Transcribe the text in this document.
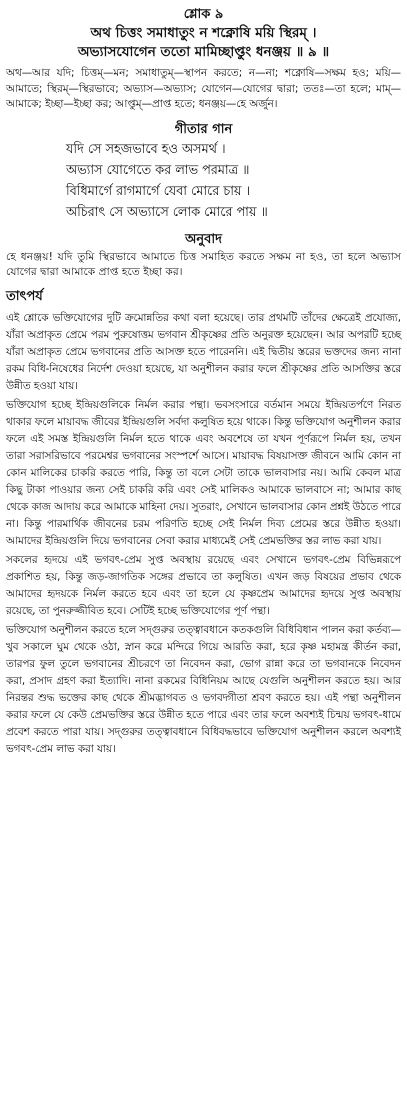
শ্লোক ৯

অথ চিত্তং সমাধাতুং ন শক্নোষি ময়ি স্থিরম্ ।

অভ্যাসযোগেন ততো মামিচ্ছাপ্তুং ধনঞ্জয় ॥ ৯ ॥

অথ—আর যদি; চিত্তম্—মন; সমাধাতুম্—স্থাপন করতে; ন—না; শক্নোষি—সক্ষম হও; ময়ি—আমাতে; স্থিরম্—স্থিরভাবে; অভ্যাস—অভ্যাস; যোগেন—যোগের দ্বারা; ততঃ—তা হলে; মাম্—আমাকে; ইচ্ছা—ইচ্ছা কর; আপ্তুম্—প্রাপ্ত হতে; ধনঞ্জয়—হে অর্জুন।

গীতার গান

যদি সে সহজভাবে হও অসমর্থ ।

অভ্যাস যোগেতে কর লাভ পরমাত্র ॥

বিধিমার্গে রাগমার্গে যেবা মোরে চায় ।

অচিরাৎ সে অভ্যাসে লোক মোরে পায় ॥

অনুবাদ

হে ধনঞ্জয়! যদি তুমি স্থিরভাবে আমাতে চিত্ত সমাহিত করতে সক্ষম না হও, তা হলে অভ্যাস যোগের দ্বারা আমাকে প্রাপ্ত হতে ইচ্ছা কর।

তাৎপর্য

এই শ্লোকে ভক্তিযোগের দুটি ক্রমোন্নতির কথা বলা হয়েছে। তার প্রথমটি তাঁদের ক্ষেত্রেই প্রযোজ্য, যাঁরা অপ্রাকৃত প্রেমে পরম পুরুষোত্তম ভগবান শ্রীকৃষ্ণের প্রতি অনুরক্ত হয়েছেন। আর অপরটি হচ্ছে যাঁরা অপ্রাকৃত প্রেমে ভগবানের প্রতি আসক্ত হতে পারেননি। এই দ্বিতীয় স্তরের ভক্তদের জন্য নানা রকম বিধি-নিষেধের নির্দেশ দেওয়া হয়েছে, যা অনুশীলন করার ফলে শ্রীকৃষ্ণের প্রতি আসক্তির স্তরে উন্নীত হওয়া যায়।

ভক্তিযোগ হচ্ছে ইন্দ্রিয়গুলিকে নির্মল করার পন্থা। ভবসংসারে বর্তমান সময়ে ইন্দ্রিয়তর্পণে নিরত থাকার ফলে মায়াবদ্ধ জীবের ইন্দ্রিয়গুলি সর্বদা কলুষিত হয়ে থাকে। কিন্তু ভক্তিযোগ অনুশীলন করার ফলে এই সমস্ত ইন্দ্রিয়গুলি নির্মল হতে থাকে এবং অবশেষে তা যখন পূর্ণরূপে নির্মল হয়, তখন তারা সরাসরিভাবে পরমেশ্বর ভগবানের সংস্পর্শে আসে। মায়াবদ্ধ বিষয়াসক্ত জীবনে আমি কোন না কোন মালিকের চাকরি করতে পারি, কিন্তু তা বলে সেটা তাকে ভালবাসার নয়। আমি কেবল মাত্র কিছু টাকা পাওয়ার জন্য সেই চাকরি করি এবং সেই মালিকও আমাকে ভালবাসে না; আমার কাছ থেকে কাজ আদায় করে আমাকে মাহিনা দেয়। সুতরাং, সেখানে ভালবাসার কোন প্রশ্নই উঠতে পারে না। কিন্তু পারমার্থিক জীবনের চরম পরিণতি হচ্ছে সেই নির্মল দিব্য প্রেমের স্তরে উন্নীত হওয়া। আমাদের ইন্দ্রিয়গুলি দিয়ে ভগবানের সেবা করার মাধ্যমেই সেই প্রেমভক্তির স্তর লাভ করা যায়।

সকলের হৃদয়ে এই ভগবৎ-প্রেম সুপ্ত অবস্থায় রয়েছে এবং সেখানে ভগবৎ-প্রেম বিভিন্নরূপে প্রকাশিত হয়, কিন্তু জড়-জাগতিক সঙ্গের প্রভাবে তা কলুষিত। এখন জড় বিষয়ের প্রভাব থেকে আমাদের হৃদয়কে নির্মল করতে হবে এবং তা হলে যে কৃষ্ণপ্রেম আমাদের হৃদয়ে সুপ্ত অবস্থায় রয়েছে, তা পুনরুজ্জীবিত হবে। সেটিই হচ্ছে ভক্তিযোগের পূর্ণ পন্থা।

ভক্তিযোগ অনুশীলন করতে হলে সদ্‌গুরুর তত্ত্বাবধানে কতকগুলি বিধিবিধান পালন করা কর্তব্য—খুব সকালে ঘুম থেকে ওঠা, স্নান করে মন্দিরে গিয়ে আরতি করা, হরে কৃষ্ণ মহামন্ত্র কীর্তন করা, তারপর ফুল তুলে ভগবানের শ্রীচরণে তা নিবেদন করা, ভোগ রান্না করে তা ভগবানকে নিবেদন করা, প্রসাদ গ্রহণ করা ইত্যাদি। নানা রকমের বিধিনিয়ম আছে যেগুলি অনুশীলন করতে হয়। আর নিরন্তর শুদ্ধ ভক্তের কাছ থেকে শ্রীমদ্ভাগবত ও ভগবদ্গীতা শ্রবণ করতে হয়। এই পন্থা অনুশীলন করার ফলে যে কেউ প্রেমভক্তির স্তরে উন্নীত হতে পারে এবং তার ফলে অবশ্যই চিন্ময় ভগবৎ-ধামে প্রবেশ করতে পারা যায়। সদ্‌গুরুর তত্ত্বাবধানে বিধিবদ্ধভাবে ভক্তিযোগ অনুশীলন করলে অবশ্যই ভগবৎ-প্রেম লাভ করা যায়।
